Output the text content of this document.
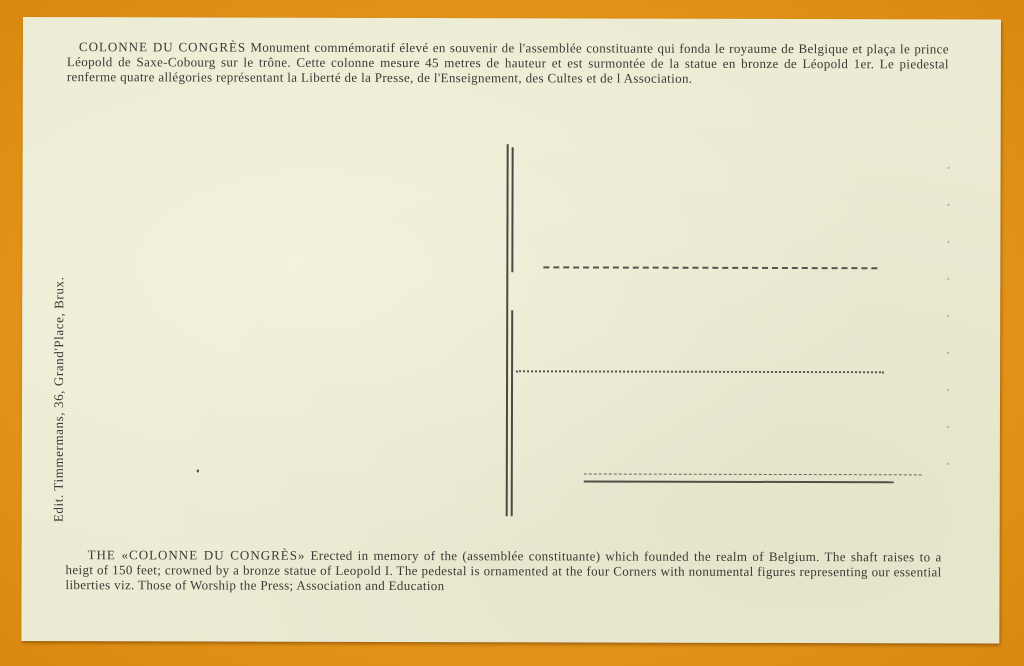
COLONNE DU CONGRÈS Monument commémoratif élevé en souvenir de l'assemblée constituante qui fonda le royaume de Belgique et plaça le prince Léopold de Saxe-Cobourg sur le trône. Cette colonne mesure 45 metres de hauteur et est surmontée de la statue en bronze de Léopold 1er. Le piedestal renferme quatre allégories représentant la Liberté de la Presse, de l'Enseignement, des Cultes et de l Association.
Edit. Timmermans, 36, Grand'Place, Brux.
THE «COLONNE DU CONGRÈS» Erected in memory of the (assemblée constituante) which founded the realm of Belgium. The shaft raises to a heigt of 150 feet; crowned by a bronze statue of Leopold I. The pedestal is ornamented at the four Corners with nonumental figures representing our essential liberties viz. Those of Worship the Press; Association and Education
